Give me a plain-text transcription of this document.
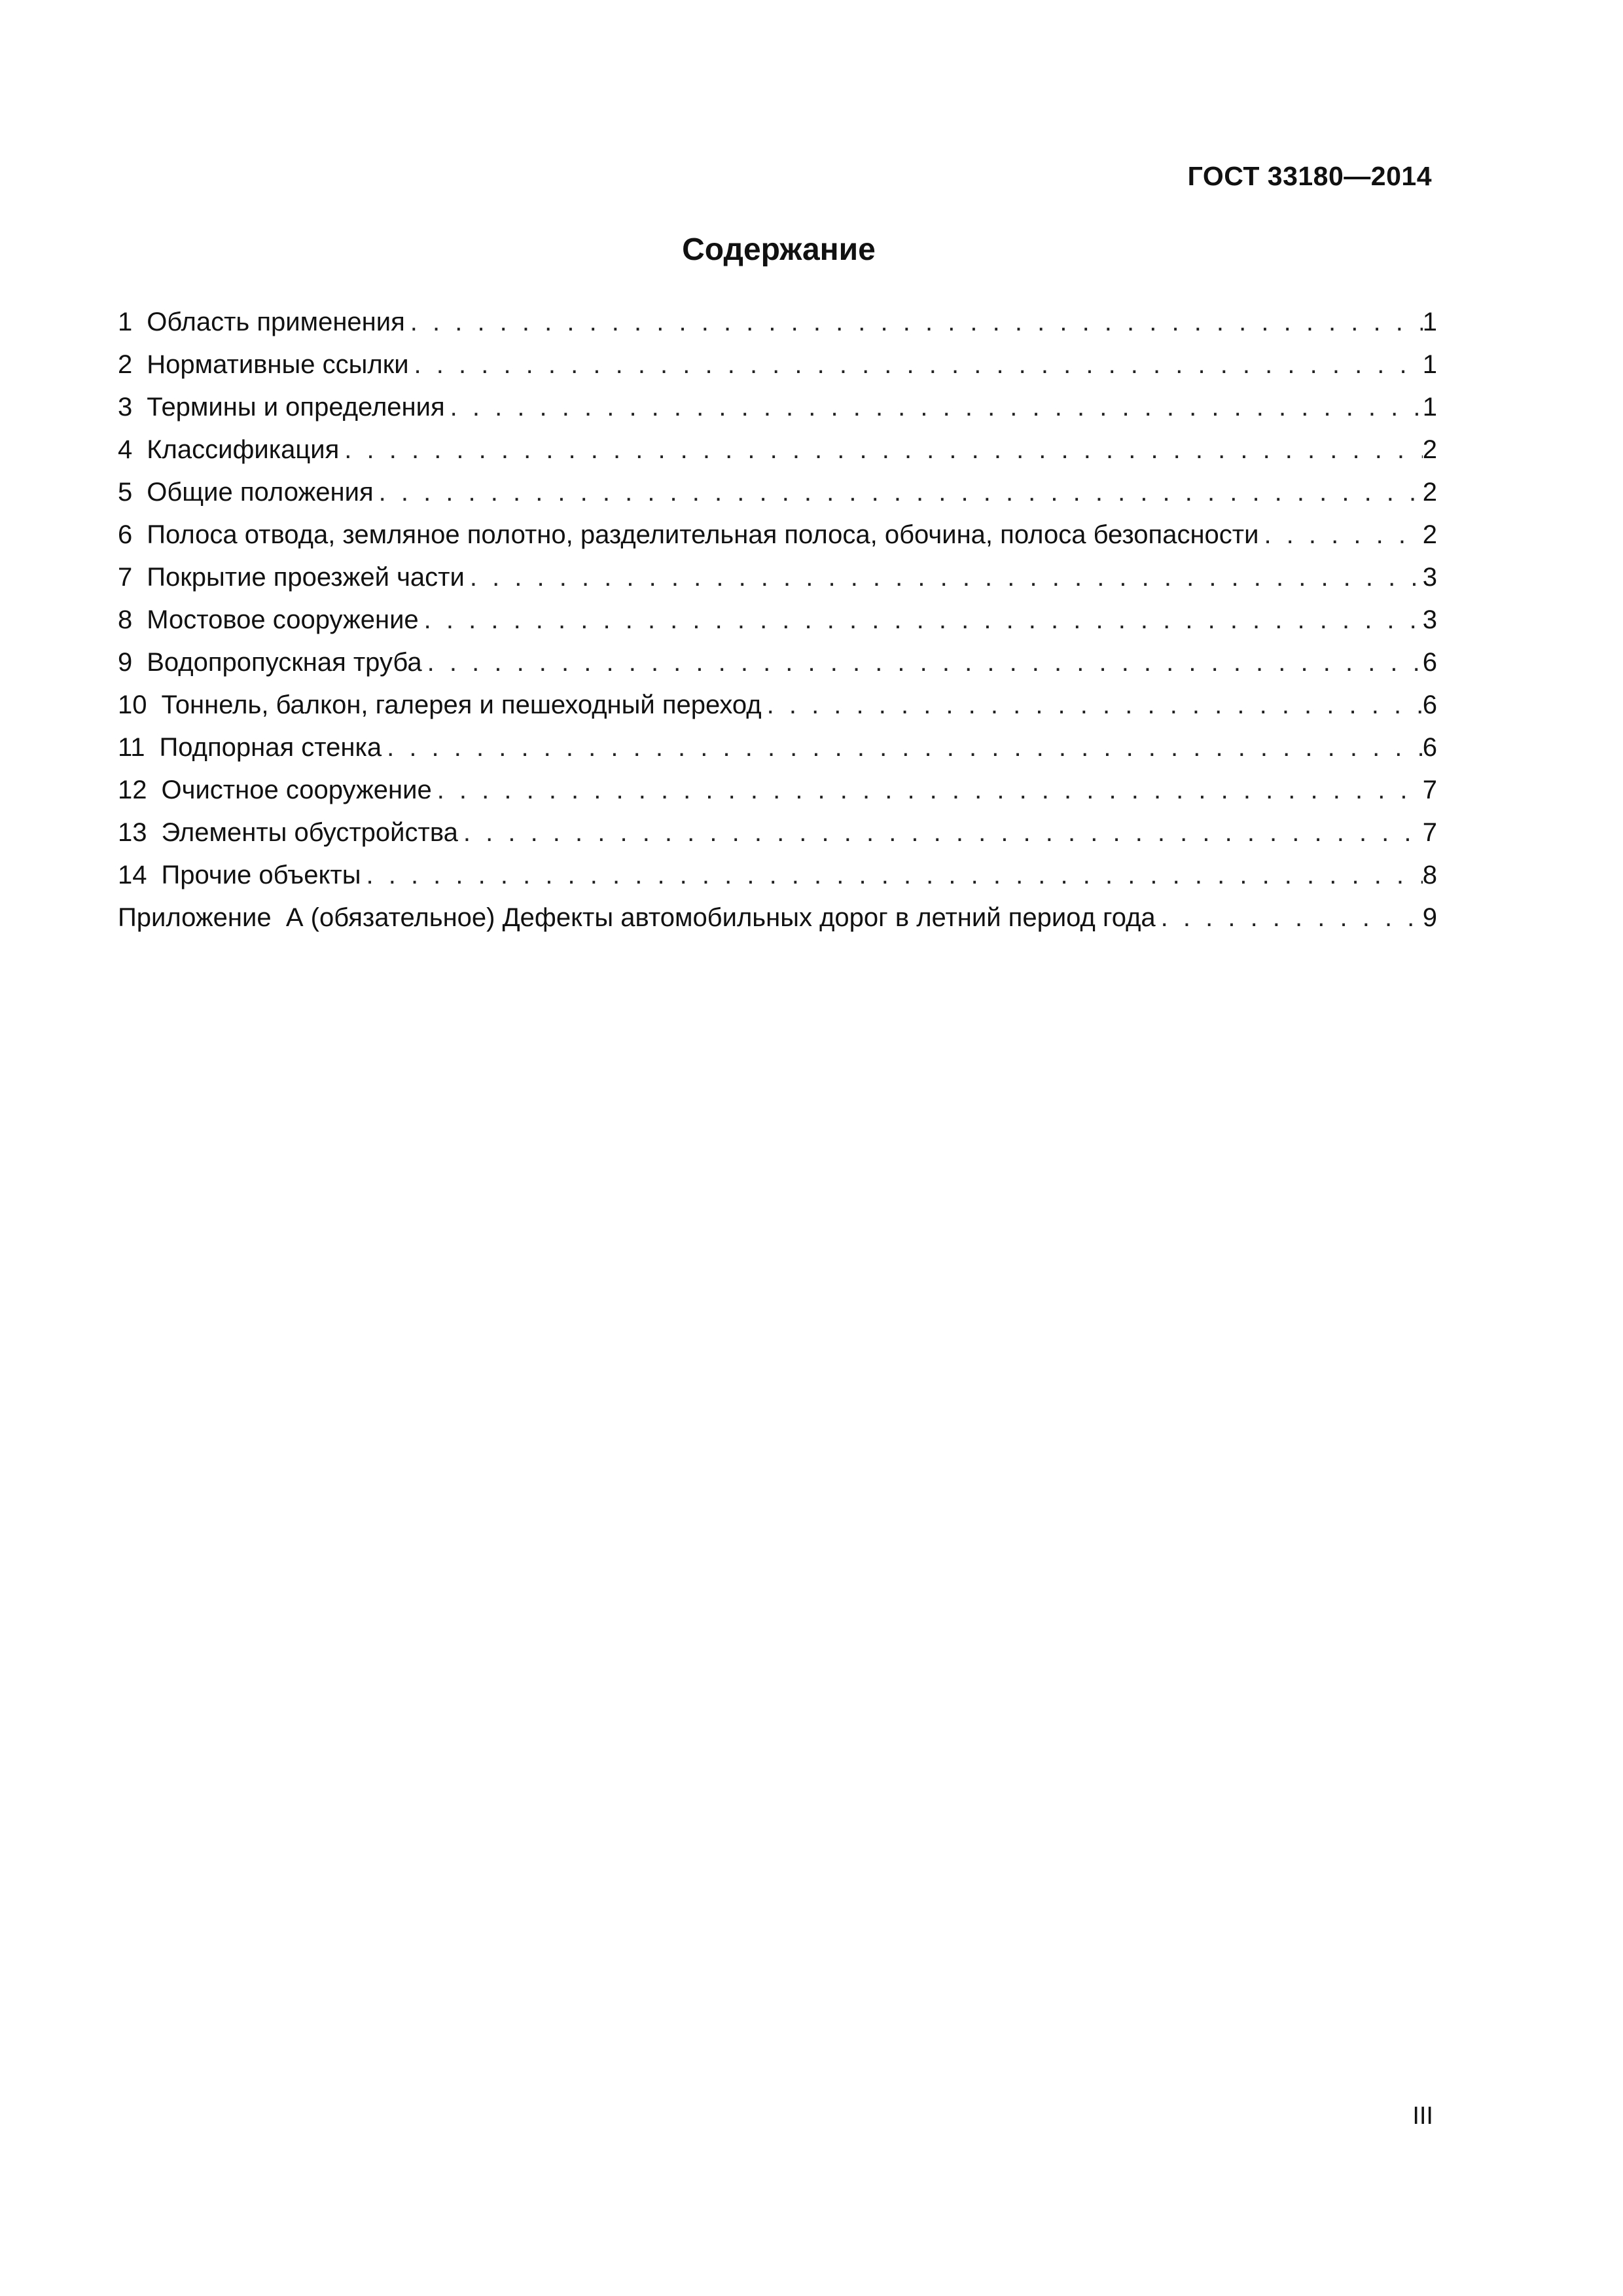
ГОСТ 33180—2014
Содержание
1 Область применения . . .	1
2 Нормативные ссылки . . .	1
3 Термины и определения . . .	1
4 Классификация . . .	2
5 Общие положения . . .	2
6 Полоса отвода, земляное полотно, разделительная полоса, обочина, полоса безопасности . . .	2
7 Покрытие проезжей части . . .	3
8 Мостовое сооружение . . .	3
9 Водопропускная труба . . .	6
10 Тоннель, балкон, галерея и пешеходный переход . . .	6
11 Подпорная стенка . . .	6
12 Очистное сооружение . . .	7
13 Элементы обустройства . . .	7
14 Прочие объекты . . .	8
Приложение  А (обязательное) Дефекты автомобильных дорог в летний период года . . .	9
III
